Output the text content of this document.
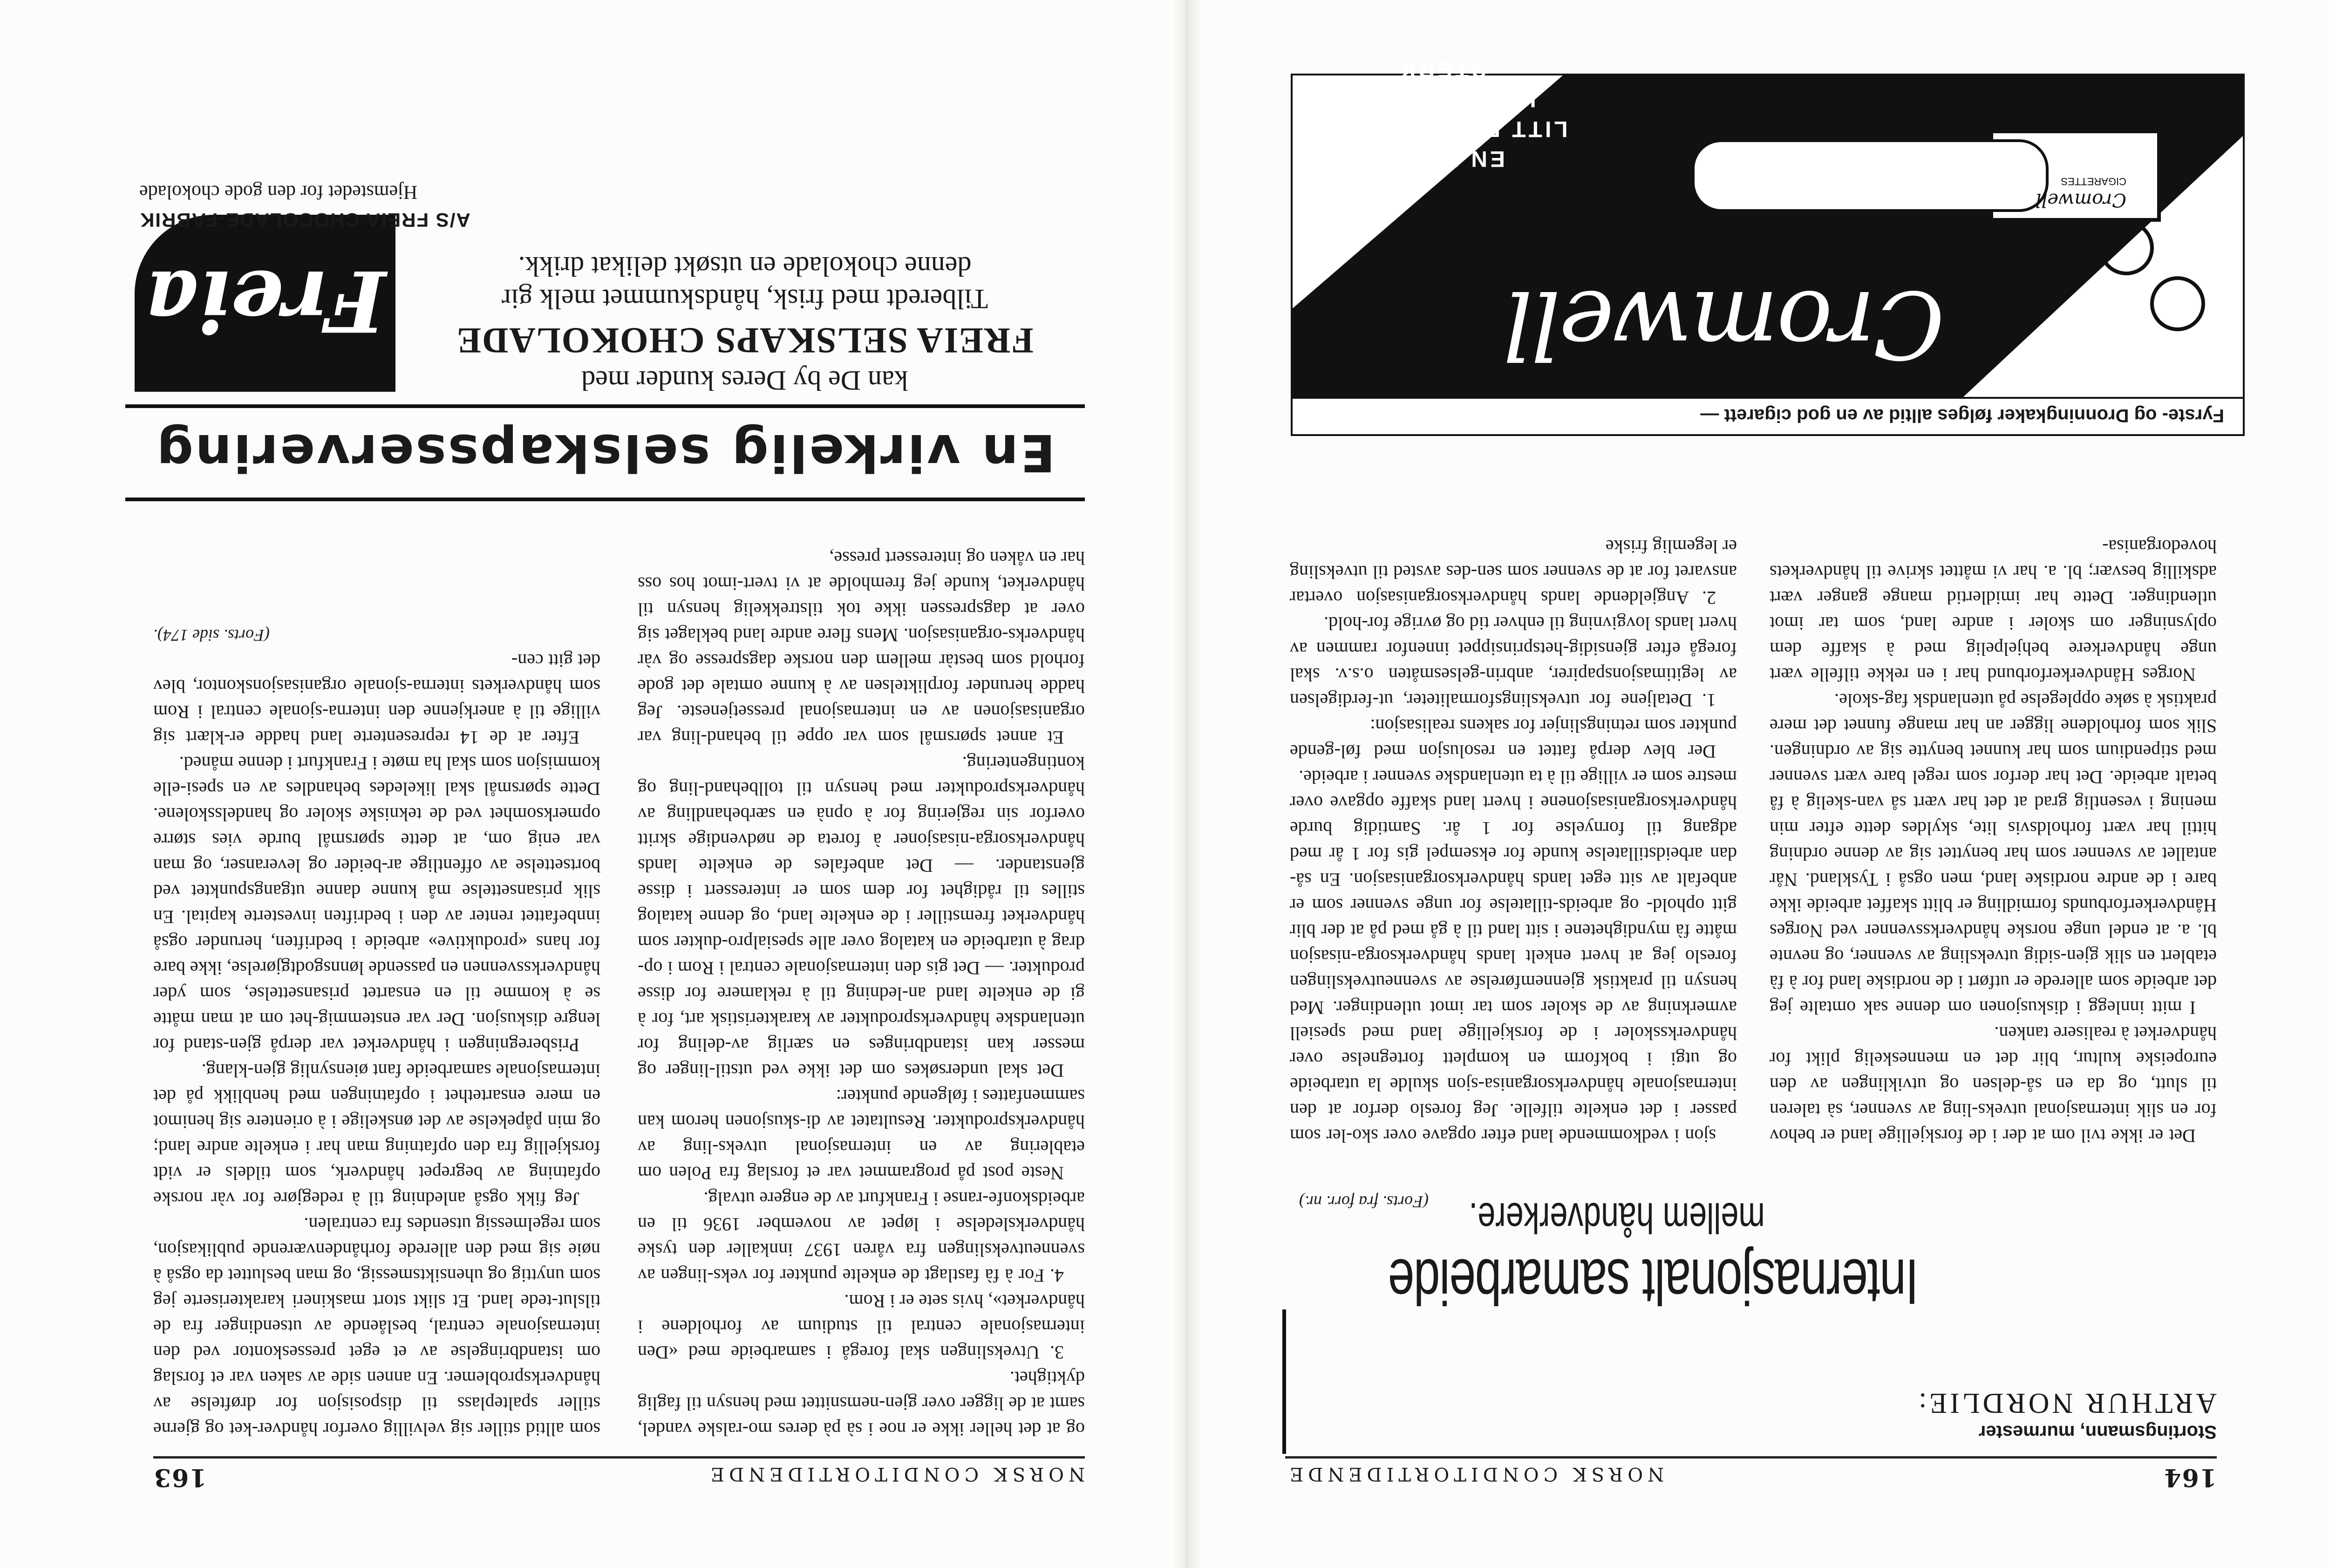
164
NORSK CONDITORTIDENDE
Stortingsmann, murmester
ARTHUR NORDLIE:
Internasjonalt samarbeide
mellem håndverkere.
(Forts. fra forr. nr.)

Det er ikke tvil om at der i de forskjellige land er behov for en slik internasjonal utveks-ling av svenner, sà taleren til slutt, og da en så-delsen og utviklingen av den europeiske kultur, blir det en menneskelig plikt for håndverket à realisere tanken.

I mitt innlegg i diskusjonen om denne sak omtalte jeg det arbeide som allerede er utført i de nordiske land for à fà etablert en slik gjen-sidig utveksling av svenner, og nevnte bl. a. at endel unge norske håndverkssvenner ved Norges Håndverkerforbunds formidling er blitt skaffet arbeide ikke bare i de andre nordiske land, men også i Tyskland. Når antallet av svenner som har benyttet sig av denne ordning hittil har vært forholdsvis lite, skyldes dette efter min mening i vesentlig grad at det har vært så van-skelig à få betalt arbeide. Det har derfor som regel bare vært svenner med stipendium som har kunnet benytte sig av ordningen. Slik som forholdene ligger an har mange funnet det mere praktisk à søke opplegelse på utenlandsk fag-skole.

Norges Håndverkerforbund har i en rekke tilfelle vært unge håndverkere behjelpelig med à skaffe dem oplysninger om skoler i andre land, som tar imot utlendinger. Dette har imidlertid mange ganger vært adskillig besvær; bl. a. har vi måttet skrive til håndverkets hovedorganisa-

sjon i vedkommende land efter opgave over sko-ler som passer i det enkelte tilfelle. Jeg foreslo derfor at den internasjonale håndverksorganisa-sjon skulde la utarbeide og utgi i bokform en komplett fortegnelse over håndverksskoler i de forskjellige land med spesiell avmerkning av de skoler som tar imot utlendinger. Med hensyn til praktisk gjennemførelse av svenneutvekslingen foreslo jeg at hvert enkelt lands håndverksorga-nisasjon måtte fà myndighetene i sitt land til à gå med på at der blir gitt ophold- og arbeids-tillatelse for unge svenner som er anbefalt av sitt eget lands håndverksorganisasjon. En så-dan arbeidstillatelse kunde for eksempel gis for 1 år med adgang til fornyelse for 1 år. Samtidig burde håndverksorganisasjonene i hvert land skaffe opgave over mestre som er villige til à ta utenlandske svenner i arbeide.

Der blev derpå fattet en resolusjon med føl-gende punkter som retningslinjer for sakens realisasjon:

1. Detaljene for utvekslingsformaliteter, ut-ferdigelsen av legitimasjonspapirer, anbrin-gelsesmåten o.s.v. skal foregå efter gjensidig-hetsprinsippet innenfor rammen av hvert lands lovgivning til enhver tid og øvrige for-hold.

2. Angjeldende lands håndverksorganisasjon overtar ansvaret for at de svenner som sen-des avsted til utveksling er legemlig friske

Fyrste- og Dronningkaker følges alltid av en god cigarett —
Cromwell
Cromwell
CIGARETTES
EN FRISK
LITT FYLDIG SMAK
UTEN Å VÆRE STERK
NORSK CONDITORTIDENDE
163

og at det heller ikke er noe i sà pà deres mo-ralske vandel, samt at de ligger over gjen-nemsnittet med hensyn til faglig dyktighet.

3. Utvekslingen skal foregå i samarbeide med «Den internasjonale central til studium av forholdene i håndverket», hvis sete er i Rom.

4. For à fà fastlagt de enkelte punkter for veks-lingen av svenneutvekslingen fra våren 1937 innkaller den tyske håndverksledelse i løpet av november 1936 til en arbeidskonfe-ranse i Frankfurt av de engere utvalg.

Neste post på programmet var et forslag fra Polen om etablering av en internasjonal utveks-ling av håndverksprodukter. Resultatet av di-skusjonen herom kan sammenfattes i følgende punkter:

Det skal undersøkes om det ikke ved utstil-linger og messer kan istandbringes en særlig av-deling for utenlandske håndverksprodukter av karakteristisk art, for à gi de enkelte land an-ledning til à reklamere for disse produkter. — Det gis den internasjonale central i Rom i op-drag à utarbeide en katalog over alle spesialpro-dukter som håndverket fremstiller i de enkelte land, og denne katalog stilles til rådighet for dem som er interessert i disse gjenstander. — Det anbefales de enkelte lands håndverksorga-nisasjoner à foreta de nødvendige skritt overfor sin regjering for à opnà en særbehandling av håndverksprodukter med hensyn til tollbehand-ling og kontingentering.

Et annet spørsmål som var oppe til behand-ling var organisasjonen av en internasjonal pressetjeneste. Jeg hadde herunder forpliktelsen av à kunne omtale det gode forhold som bestàr mellem den norske dagspresse og vàr håndverks-organisasjon. Mens flere andre land beklaget sig over at dagspressen ikke tok tilstrekkelig hensyn til håndverket, kunde jeg fremholde at vi tvert-imot hos oss har en våken og interessert presse,

som alltid stiller sig velvillig overfor håndver-ket og gjerne stiller spalteplass til disposisjon for drøftelse av håndverksproblemer. En annen side av saken var et forslag om istandbringelse av et eget presseskontor ved den internasjonale central, beslående av utsendinger fra de tilslut-tede land. Et slikt stort maskineri karakteriserte jeg som unyttig og uhensiktsmessig, og man besluttet da også à nøie sig med den allerede forhåndenværende publikasjon, som regelmessig utsendes fra centralen.

Jeg fikk også anledning til à redegjøre for vàr norske opfatning av begrepet håndverk, som tildels er vidt forskjellig fra den opfatning man har i enkelte andre land; og min påpekelse av det ønskelige i à orientere sig henimot en mere ensartethet i opfatningen med henblikk på det internasjonale samarbeide fant øiensynlig gjen-klang.

Prisberegningen i håndverket var derpå gjen-stand for lengre diskusjon. Der var enstemmig-het om at man måtte se à komme til en ensartet prisansettelse, som yder håndverkssvennen en passende lønnsgodtgjørelse, ikke bare for hans «produktive» arbeide i bedriften, herunder også innbefattet renter av den i bedriften investerte kapital. En slik prisansettelse må kunne danne utgangspunktet ved bortsettelse av offentlige ar-beider og leveranser, og man var enig om, at dette spørsmål burde vies større opmerksomhet ved de tekniske skoler og handelsskolene. Dette spørsmål skal likeledes behandles av en spesi-elle kommisjon som skal ha møte i Frankfurt i denne måned.

Efter at de 14 representerte land hadde er-klært sig villige til à anerkjenne den interna-sjonale central i Rom som håndverkets interna-sjonale organisasjonskontor, blev det gitt cen-

(Forts. side 174).
En virkelig selskapsservering
kan De by Deres kunder med
FREIA SELSKAPS CHOKOLADE
Tilberedt med frisk, håndskummet melk gir
denne chokolade en utsøkt delikat drikk.
Freia
A/S FREIA CHOCOLADE-FABRIK
Hjemstedet for den gode chokolade
